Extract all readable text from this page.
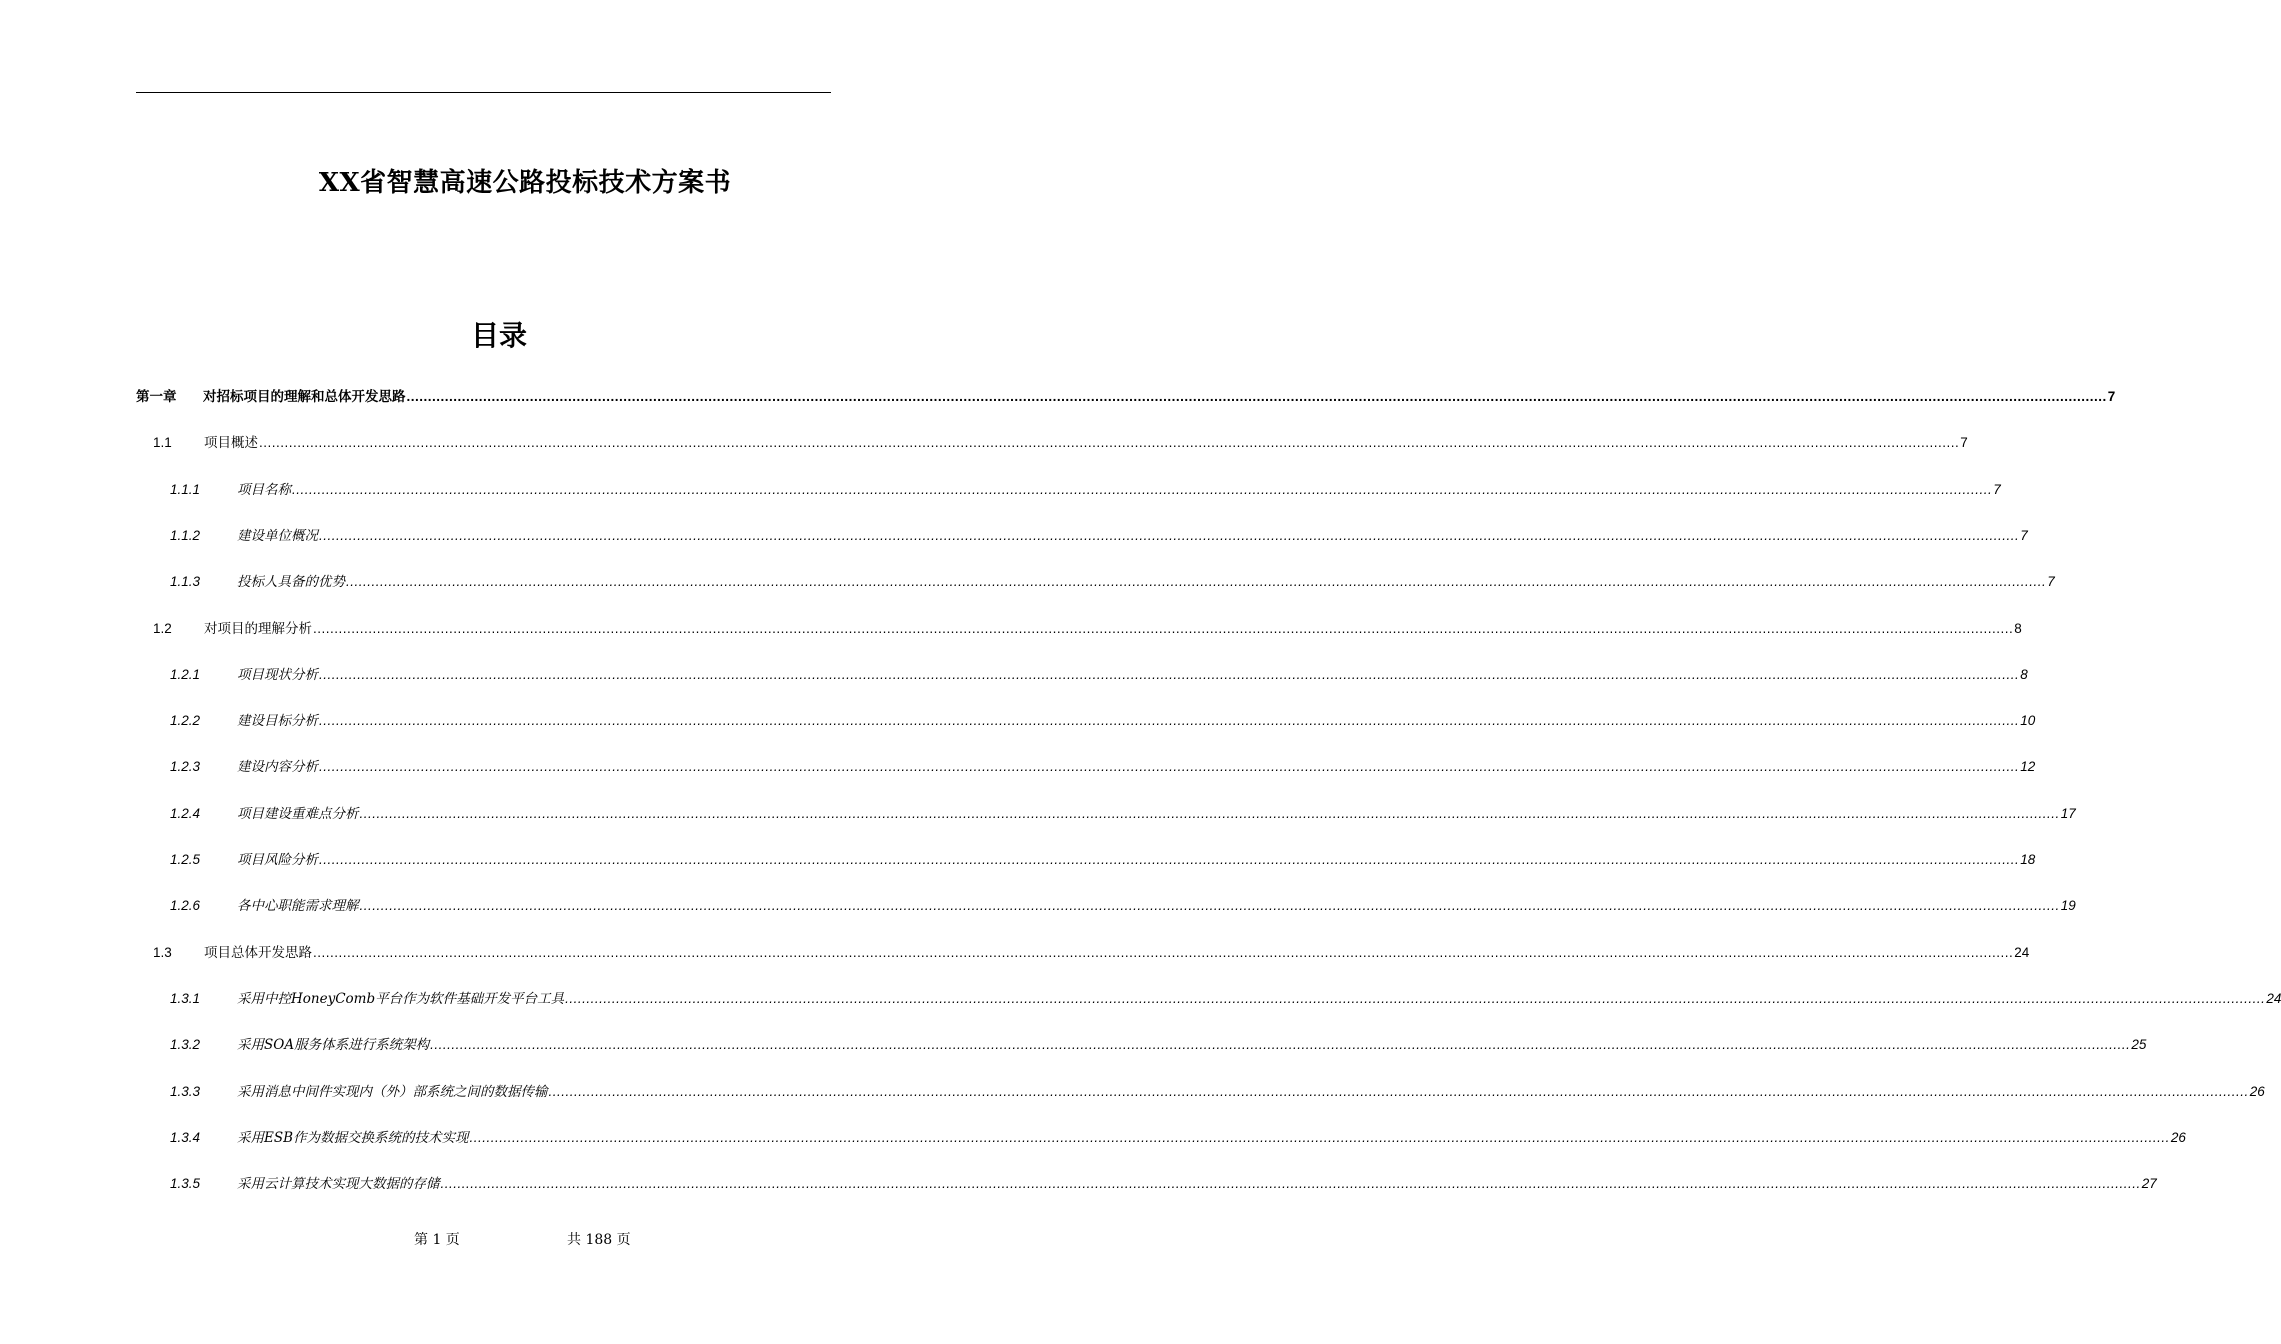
XX省智慧高速公路投标技术方案书
目录
第一章	对招标项目的理解和总体开发思路 ................................................................................................................................................................................................................................................................................................................................................................................................................ 7
1.1	项目概述 ................................................................................................................................................................................................................................................................................................................................................................................................................ 7
1.1.1	项目名称 ................................................................................................................................................................................................................................................................................................................................................................................................................ 7
1.1.2	建设单位概况 ................................................................................................................................................................................................................................................................................................................................................................................................................ 7
1.1.3	投标人具备的优势 ................................................................................................................................................................................................................................................................................................................................................................................................................ 7
1.2	对项目的理解分析 ................................................................................................................................................................................................................................................................................................................................................................................................................ 8
1.2.1	项目现状分析 ................................................................................................................................................................................................................................................................................................................................................................................................................ 8
1.2.2	建设目标分析 ................................................................................................................................................................................................................................................................................................................................................................................................................ 10
1.2.3	建设内容分析 ................................................................................................................................................................................................................................................................................................................................................................................................................ 12
1.2.4	项目建设重难点分析 ................................................................................................................................................................................................................................................................................................................................................................................................................ 17
1.2.5	项目风险分析 ................................................................................................................................................................................................................................................................................................................................................................................................................ 18
1.2.6	各中心职能需求理解 ................................................................................................................................................................................................................................................................................................................................................................................................................ 19
1.3	项目总体开发思路 ................................................................................................................................................................................................................................................................................................................................................................................................................ 24
1.3.1	采用中控HoneyComb平台作为软件基础开发平台工具 ................................................................................................................................................................................................................................................................................................................................................................................................................ 24
1.3.2	采用SOA服务体系进行系统架构 ................................................................................................................................................................................................................................................................................................................................................................................................................ 25
1.3.3	采用消息中间件实现内（外）部系统之间的数据传输 ................................................................................................................................................................................................................................................................................................................................................................................................................ 26
1.3.4	采用ESB作为数据交换系统的技术实现 ................................................................................................................................................................................................................................................................................................................................................................................................................ 26
1.3.5	采用云计算技术实现大数据的存储 ................................................................................................................................................................................................................................................................................................................................................................................................................ 27
第 1 页	共 188 页
